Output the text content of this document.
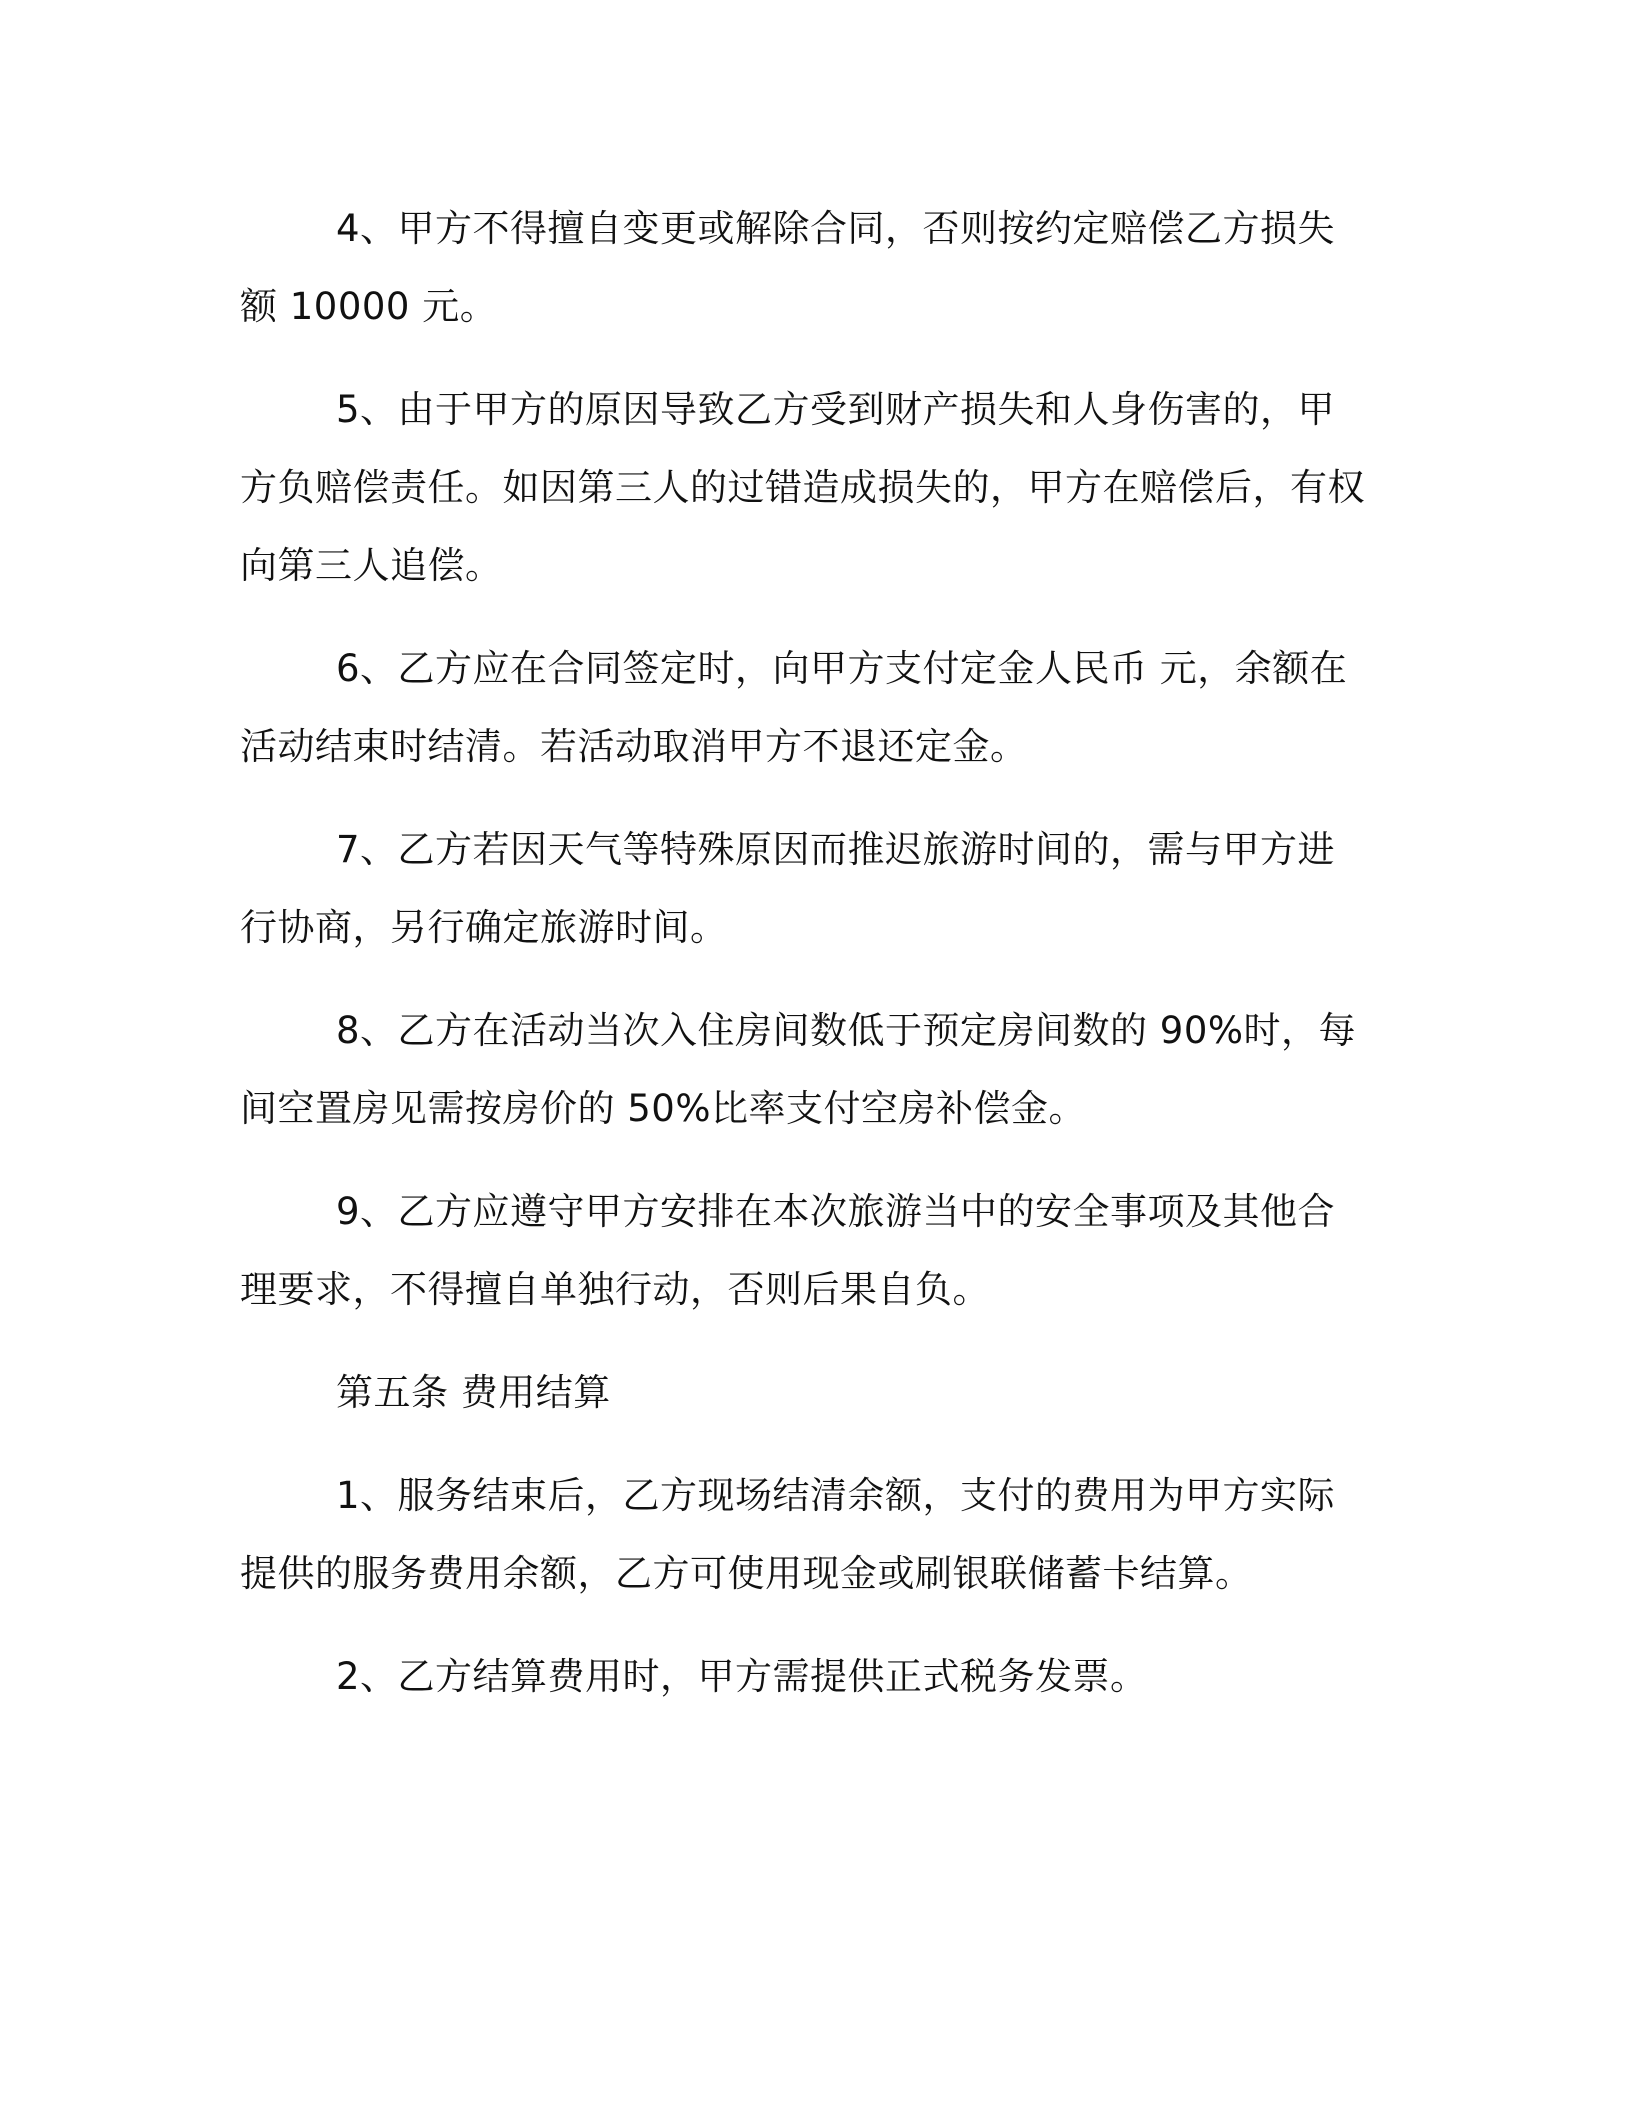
4、甲方不得擅自变更或解除合同，否则按约定赔偿乙方损失额 10000 元。

5、由于甲方的原因导致乙方受到财产损失和人身伤害的，甲方负赔偿责任。如因第三人的过错造成损失的，甲方在赔偿后，有权向第三人追偿。

6、乙方应在合同签定时，向甲方支付定金人民币 元，余额在活动结束时结清。若活动取消甲方不退还定金。

7、乙方若因天气等特殊原因而推迟旅游时间的，需与甲方进行协商，另行确定旅游时间。

8、乙方在活动当次入住房间数低于预定房间数的 90%时，每间空置房见需按房价的 50%比率支付空房补偿金。

9、乙方应遵守甲方安排在本次旅游当中的安全事项及其他合理要求，不得擅自单独行动，否则后果自负。

第五条 费用结算

1、服务结束后，乙方现场结清余额，支付的费用为甲方实际提供的服务费用余额，乙方可使用现金或刷银联储蓄卡结算。

2、乙方结算费用时，甲方需提供正式税务发票。
